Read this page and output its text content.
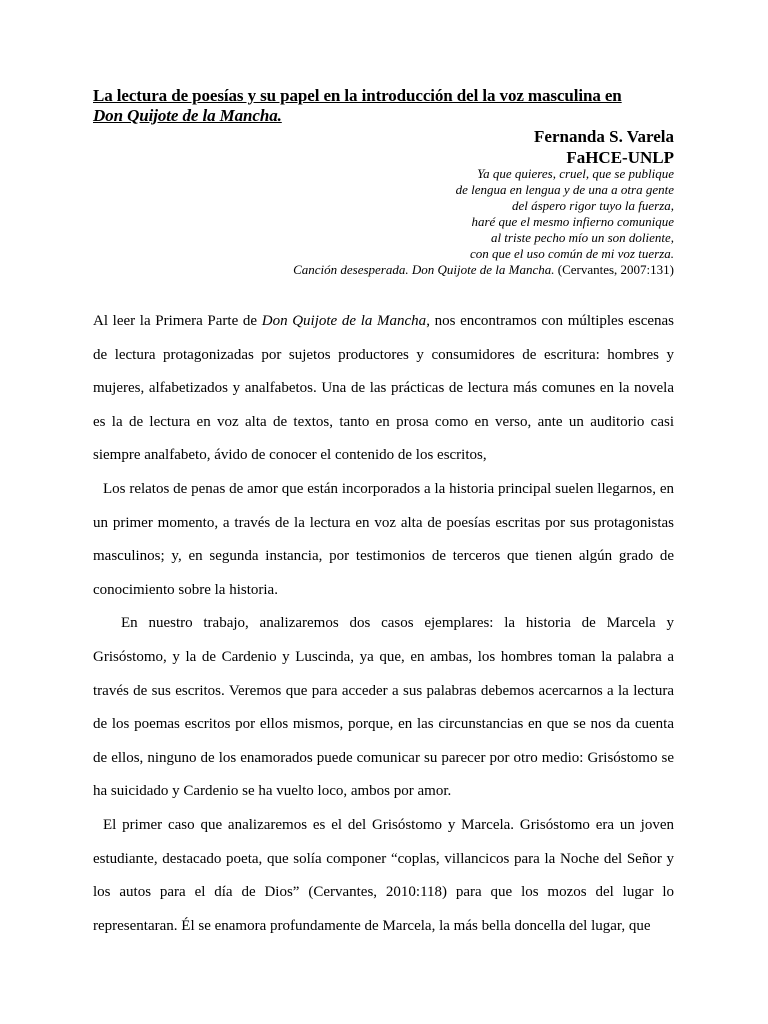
La lectura de poesías y su papel en la introducción del la voz masculina en
Don Quijote de la Mancha.
Fernanda S. Varela
FaHCE-UNLP
Ya que quieres, cruel, que se publique
de lengua en lengua y de una a otra gente
del áspero rigor tuyo la fuerza,
haré que el mesmo infierno comunique
al triste pecho mío un son doliente,
con que el uso común de mi voz tuerza.
Canción desesperada. Don Quijote de la Mancha. (Cervantes, 2007:131)

Al leer la Primera Parte de Don Quijote de la Mancha, nos encontramos con múltiples escenas de lectura protagonizadas por sujetos productores y consumidores de escritura: hombres y mujeres, alfabetizados y analfabetos. Una de las prácticas de lectura más comunes en la novela es la de lectura en voz alta de textos, tanto en prosa como en verso, ante un auditorio casi siempre analfabeto, ávido de conocer el contenido de los escritos,

Los relatos de penas de amor que están incorporados a la historia principal suelen llegarnos, en un primer momento, a través de la lectura en voz alta de poesías escritas por sus protagonistas masculinos; y, en segunda instancia, por testimonios de terceros que tienen algún grado de conocimiento sobre la historia.

En nuestro trabajo, analizaremos dos casos ejemplares: la historia de Marcela y Grisóstomo, y la de Cardenio y Luscinda, ya que, en ambas, los hombres toman la palabra a través de sus escritos. Veremos que para acceder a sus palabras debemos acercarnos a la lectura de los poemas escritos por ellos mismos, porque, en las circunstancias en que se nos da cuenta de ellos, ninguno de los enamorados puede comunicar su parecer por otro medio: Grisóstomo se ha suicidado y Cardenio se ha vuelto loco, ambos por amor.

El primer caso que analizaremos es el del Grisóstomo y Marcela. Grisóstomo era un joven estudiante, destacado poeta, que solía componer “coplas, villancicos para la Noche del Señor y los autos para el día de Dios” (Cervantes, 2010:118) para que los mozos del lugar lo representaran. Él se enamora profundamente de Marcela, la más bella doncella del lugar, que
